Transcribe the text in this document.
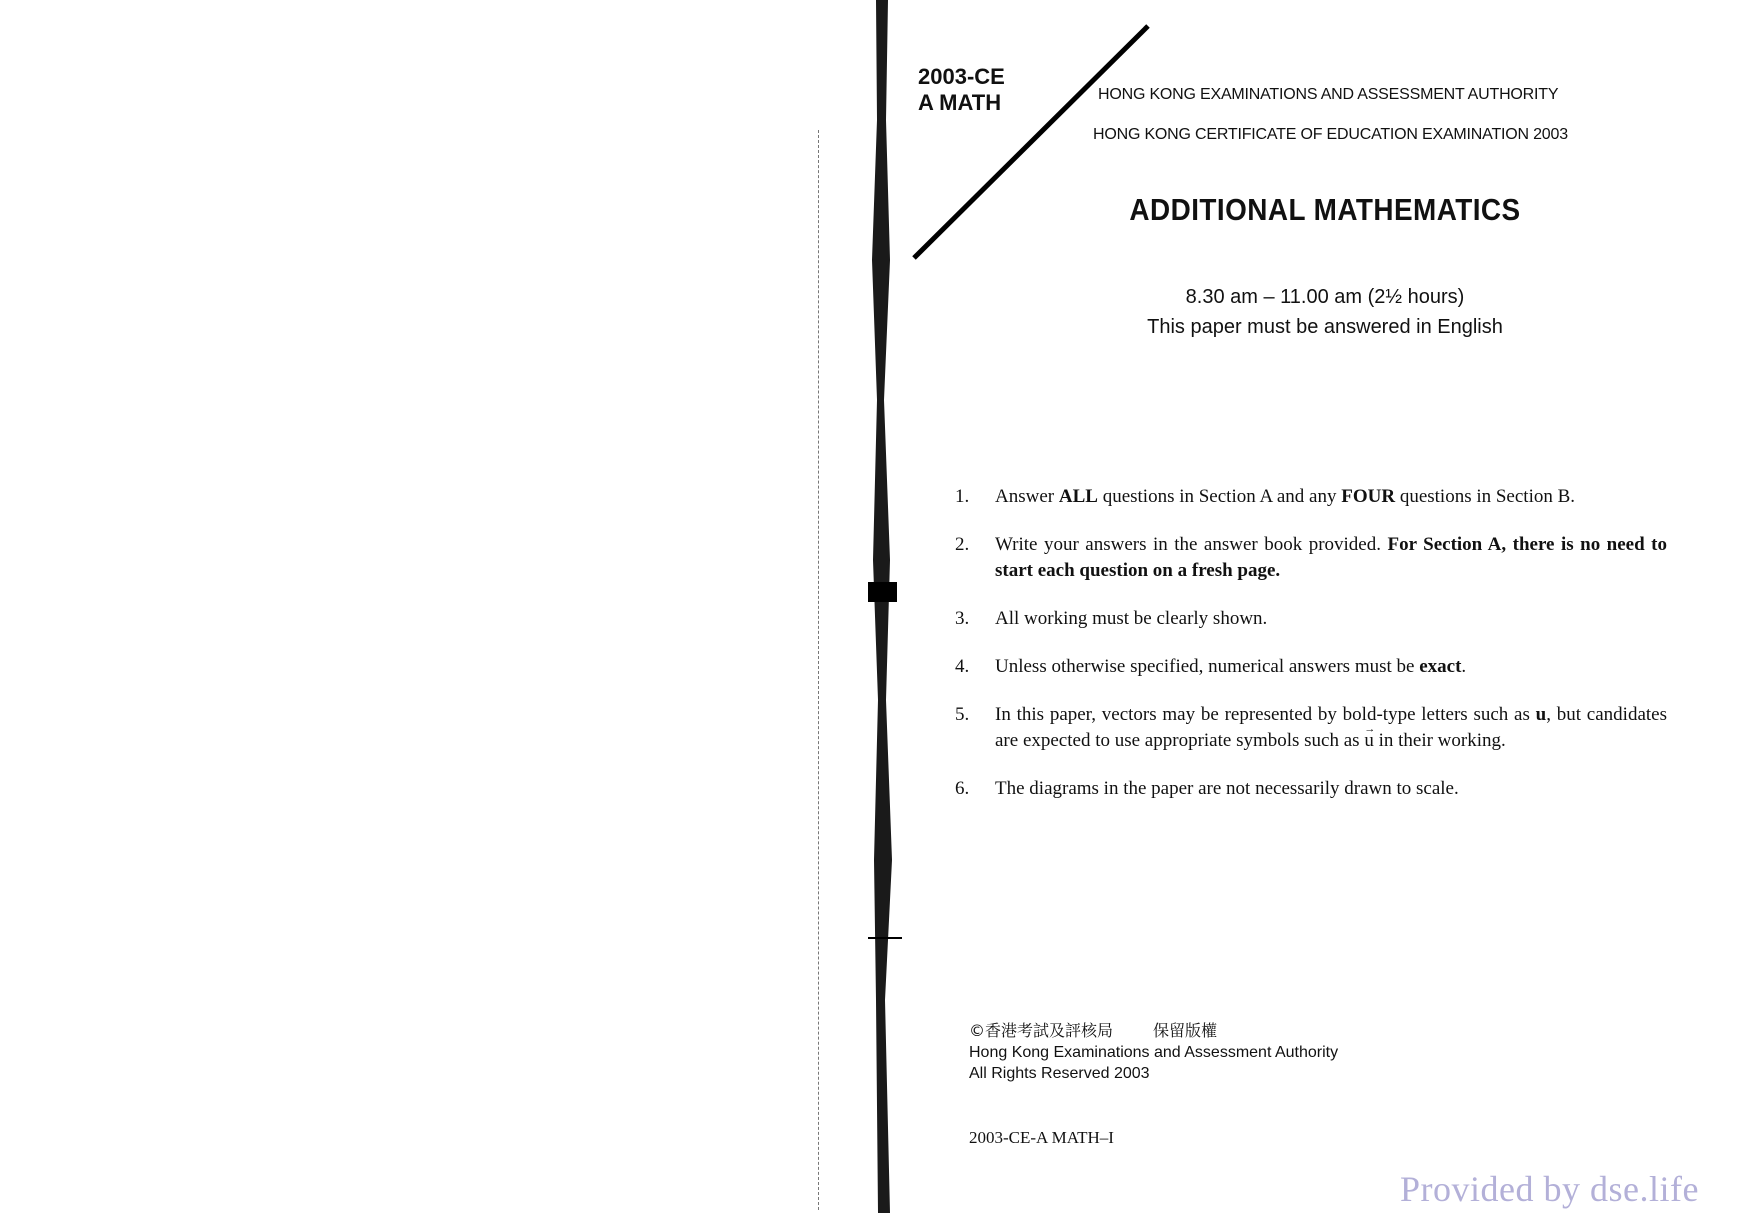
2003-CE
A MATH	HONG KONG EXAMINATIONS AND ASSESSMENT AUTHORITY
HONG KONG CERTIFICATE OF EDUCATION EXAMINATION 2003
ADDITIONAL MATHEMATICS
8.30 am – 11.00 am (2½ hours)
This paper must be answered in English
1.	Answer ALL questions in Section A and any FOUR questions in Section B.
2.	Write your answers in the answer book provided. For Section A, there is no need to start each question on a fresh page.
3.	All working must be clearly shown.
4.	Unless otherwise specified, numerical answers must be exact.
5.	In this paper, vectors may be represented by bold-type letters such as u, but candidates are expected to use appropriate symbols such as → u in their working.
6.	The diagrams in the paper are not necessarily drawn to scale.
©香港考試及評核局	保留版權
Hong Kong Examinations and Assessment Authority
All Rights Reserved 2003
2003-CE-A MATH–I
Provided by dse.life
